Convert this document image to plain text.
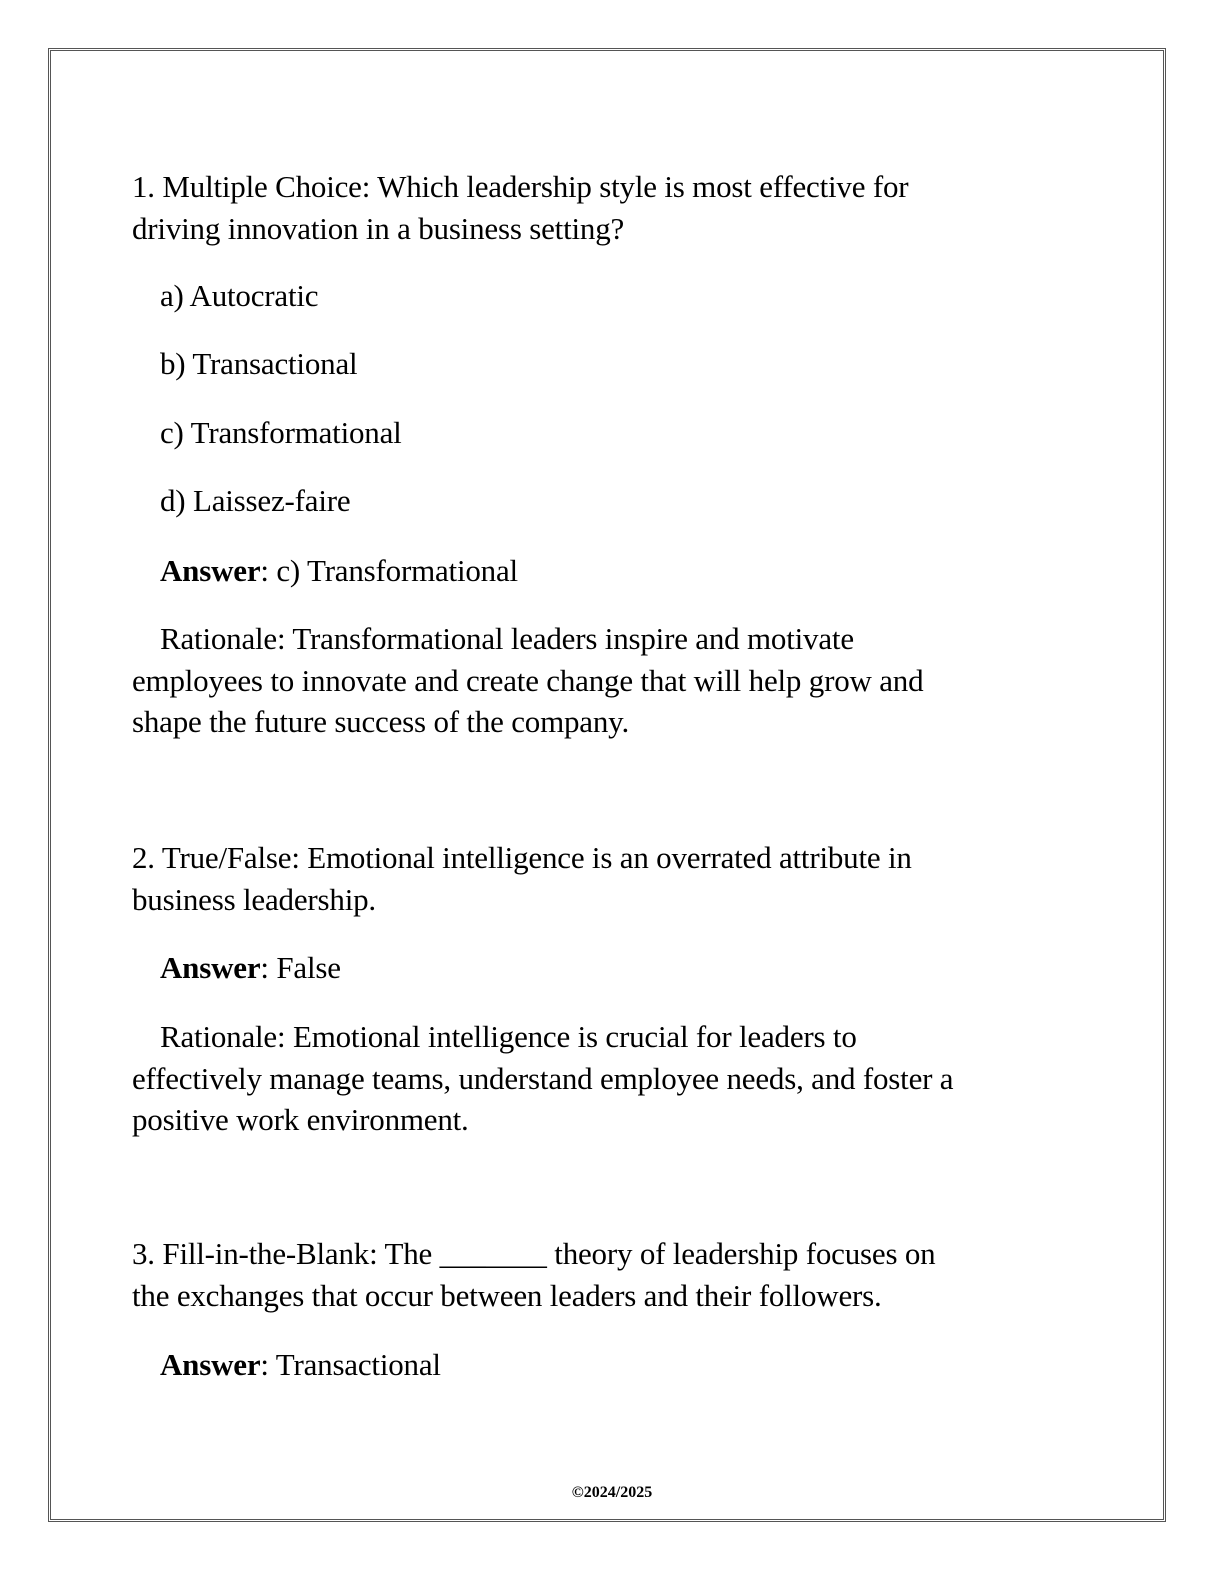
1. Multiple Choice: Which leadership style is most effective for
driving innovation in a business setting?
a) Autocratic
b) Transactional
c) Transformational
d) Laissez-faire
Answer: c) Transformational
Rationale: Transformational leaders inspire and motivate
employees to innovate and create change that will help grow and
shape the future success of the company.
2. True/False: Emotional intelligence is an overrated attribute in
business leadership.
Answer: False
Rationale: Emotional intelligence is crucial for leaders to
effectively manage teams, understand employee needs, and foster a
positive work environment.
3. Fill-in-the-Blank: The _______ theory of leadership focuses on
the exchanges that occur between leaders and their followers.
Answer: Transactional
©2024/2025
